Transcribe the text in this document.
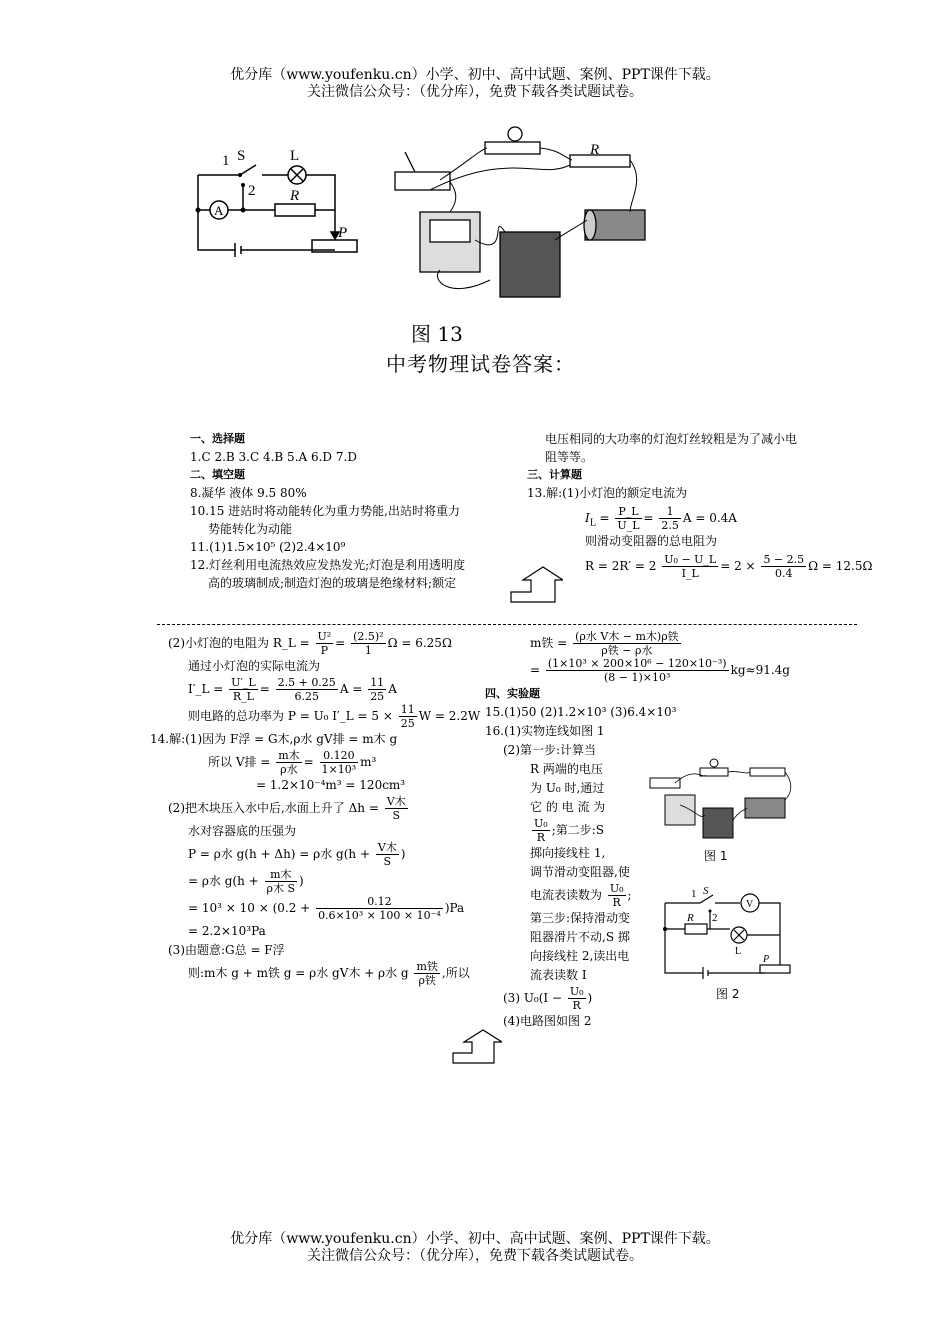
优分库（www.youfenku.cn）小学、初中、高中试题、案例、PPT课件下载。
关注微信公众号：（优分库），免费下载各类试题试卷。
1 S	L
2
A
R
P
R
图 13
中考物理试卷答案：
一、选择题
1.C 2.B 3.C 4.B 5.A 6.D 7.D
二、填空题
8.凝华 液体 9.5 80%
10.15 进站时将动能转化为重力势能,出站时将重力
势能转化为动能
11.(1)1.5×10⁵ (2)2.4×10⁹
12.灯丝利用电流热效应发热发光;灯泡是利用透明度
高的玻璃制成;制造灯泡的玻璃是绝缘材料;额定
电压相同的大功率的灯泡灯丝较粗是为了减小电
阻等等。
三、计算题
13.解:(1)小灯泡的额定电流为
$I_L = \frac{P\_L}{U\_L} = \frac{1}{2.5}$ A = 0.4A
则滑动变阻器的总电阻为
$R = 2R' = 2 \frac{\text{U₀ − U\_L}}{I\_L} = 2 \times \frac{5 - 2.5}{0.4}$ Ω = 12.5Ω
(2)小灯泡的电阻为 R_L = $\frac{\text{U²}}{P} = \frac{\text{(2.5)²}}{1}$ Ω = 6.25Ω
通过小灯泡的实际电流为
I′_L = $\frac{U'\_L}{R\_L} = \frac{2.5 + 0.25}{6.25}$ $A = \frac{11}{25}$ A
则电路的总功率为 P = U₀ I′_L = $5 \times \frac{11}{25}$ W = 2.2W
14.解:(1)因为 F浮 = G木,ρ水 gV排 = m木 g
所以 V排 = $\frac{\text{m木}}{\text{ρ水}} = \frac{0.120}{\text{1×10³}} m^3$
= 1.2×10⁻⁴m³ = 120cm³
(2)把木块压入水中后,水面上升了 $\Delta h = \frac{\text{V木}}{S}$
水对容器底的压强为
P = ρ水 g(h + Δh) = ρ水 $g(h + \frac{\text{V木}}{S}$ )
= ρ水 $g(h + \frac{\text{m木}}{\text{ρ木 S}}$ )
= $10^3 \times 10 \times (0.2 + \frac{0.12}{\text{0.6×10³ × 100 × 10⁻⁴}} )Pa$
= 2.2×10³Pa
(3)由题意:G总 = F浮
则:m木 g + m铁 g = ρ水 gV木 + ρ水 g $\frac{\text{m铁}}{\text{ρ铁}}$ ,所以
m铁 = $\frac{\text{(ρ水 V木 − m木)ρ铁}}{\text{ρ铁 − ρ水}}$
= $\frac{\text{(1×10³ × 200×10⁶ − 120×10⁻³)}}{\text{(8 − 1)×10³}} kg\approx 91.4g$
四、实验题
15.(1)50 (2)1.2×10³ (3)6.4×10³
16.(1)实物连线如图 1
(2)第一步:计算当
R 两端的电压
为 U₀ 时,通过
它 的 电 流 为
$\frac{\text{U₀}}{R}$ ;第二步:S
掷向接线柱 1,
调节滑动变阻器,使
电流表读数为 $\frac{\text{U₀}}{R}$ ;
第三步:保持滑动变
阻器滑片不动,S 掷
向接线柱 2,读出电
流表读数 I
(3) $U_0(I - \frac{\text{U₀}}{R}$ )
(4)电路图如图 2
图 1
1 S
2
R
V
L
P
图 2
优分库（www.youfenku.cn）小学、初中、高中试题、案例、PPT课件下载。
关注微信公众号：（优分库），免费下载各类试题试卷。
